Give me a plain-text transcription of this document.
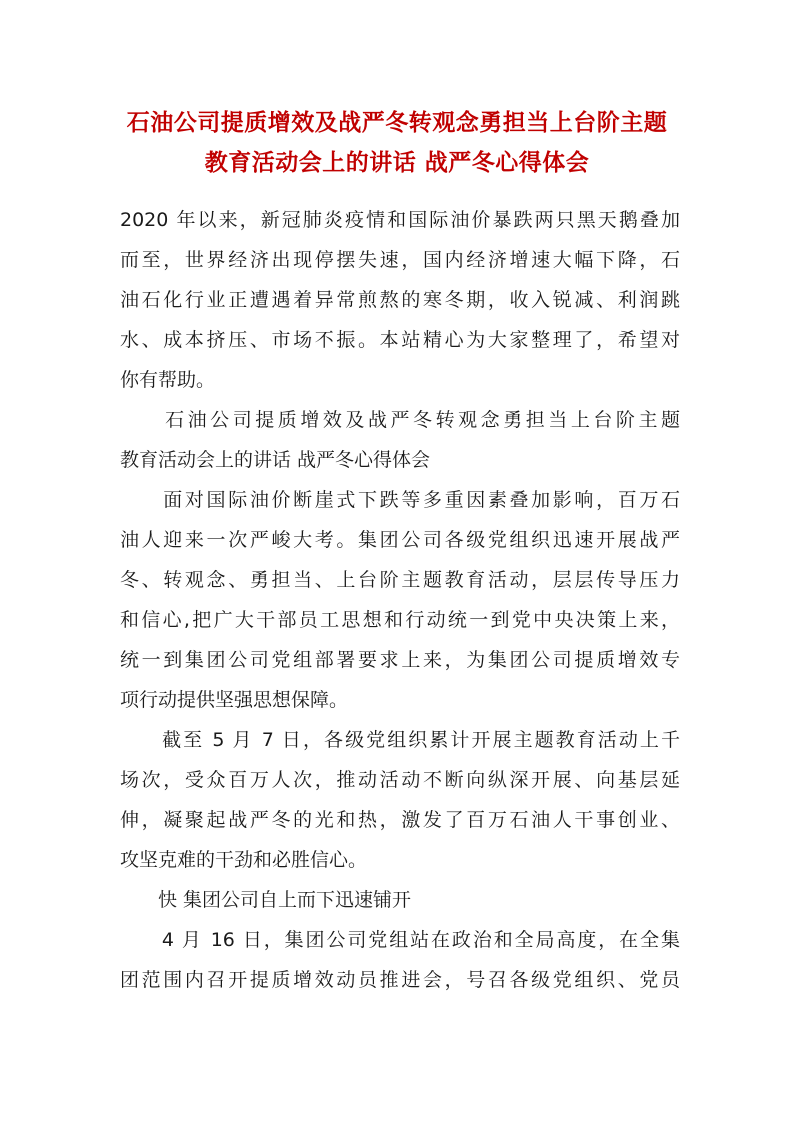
石油公司提质增效及战严冬转观念勇担当上台阶主题
教育活动会上的讲话 战严冬心得体会
2020 年以来，新冠肺炎疫情和国际油价暴跌两只黑天鹅叠加
而至，世界经济出现停摆失速，国内经济增速大幅下降，石
油石化行业正遭遇着异常煎熬的寒冬期，收入锐减、利润跳
水、成本挤压、市场不振。本站精心为大家整理了，希望对
你有帮助。
　　石油公司提质增效及战严冬转观念勇担当上台阶主题
教育活动会上的讲话 战严冬心得体会
　　面对国际油价断崖式下跌等多重因素叠加影响，百万石
油人迎来一次严峻大考。集团公司各级党组织迅速开展战严
冬、转观念、勇担当、上台阶主题教育活动，层层传导压力
和信心,把广大干部员工思想和行动统一到党中央决策上来，
统一到集团公司党组部署要求上来，为集团公司提质增效专
项行动提供坚强思想保障。
　　截至 5 月 7 日，各级党组织累计开展主题教育活动上千
场次，受众百万人次，推动活动不断向纵深开展、向基层延
伸，凝聚起战严冬的光和热，激发了百万石油人干事创业、
攻坚克难的干劲和必胜信心。
　　快 集团公司自上而下迅速铺开
　　4 月 16 日，集团公司党组站在政治和全局高度，在全集
团范围内召开提质增效动员推进会，号召各级党组织、党员
